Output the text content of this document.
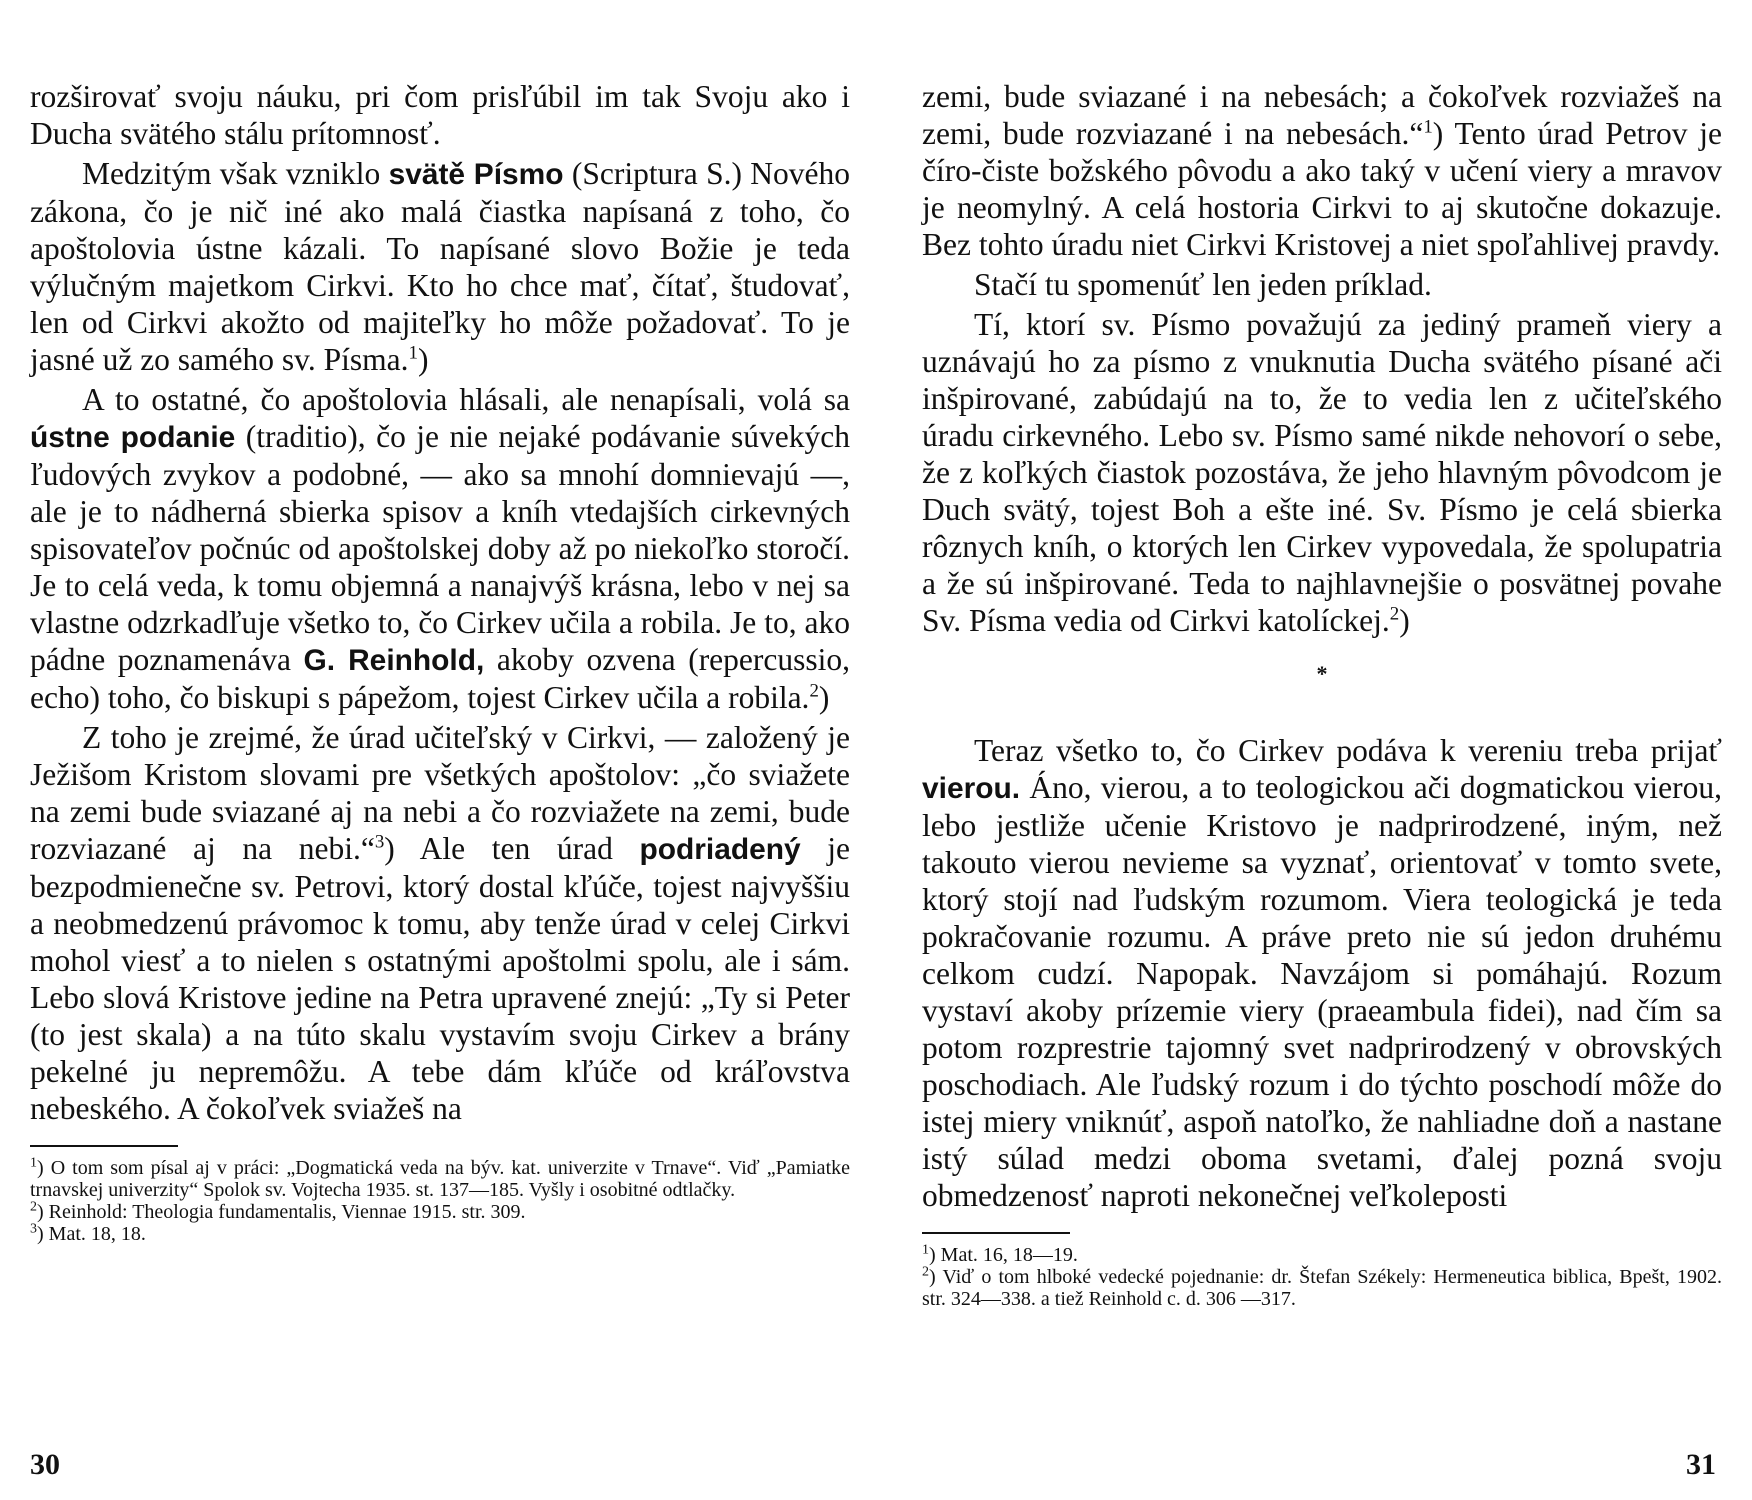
rozširovať svoju náuku, pri čom prisľúbil im tak Svoju ako i Ducha svätého stálu prítomnosť.

Medzitým však vzniklo svätě Písmo (Scriptura S.) Nového zákona, čo je nič iné ako malá čiastka napísaná z toho, čo apoštolovia ústne kázali. To napísané slovo Božie je teda výlučným majetkom Cirkvi. Kto ho chce mať, čítať, študovať, len od Cirkvi akožto od majiteľky ho môže požadovať. To je jasné už zo samého sv. Písma.$^1$)

A to ostatné, čo apoštolovia hlásali, ale nenapísali, volá sa ústne podanie (traditio), čo je nie nejaké podávanie súvekých ľudových zvykov a podobné, — ako sa mnohí domnievajú —, ale je to nádherná sbierka spisov a kníh vtedajších cirkevných spisovateľov počnúc od apoštolskej doby až po niekoľko storočí. Je to celá veda, k tomu objemná a nanajvýš krásna, lebo v nej sa vlastne odzrkadľuje všetko to, čo Cirkev učila a robila. Je to, ako pádne poznamenáva G. Reinhold, akoby ozvena (repercussio, echo) toho, čo biskupi s pápežom, tojest Cirkev učila a robila.$^2$)

Z toho je zrejmé, že úrad učiteľský v Cirkvi, — založený je Ježišom Kristom slovami pre všetkých apoštolov: „čo sviažete na zemi bude sviazané aj na nebi a čo rozviažete na zemi, bude rozviazané aj na nebi.“$^3$) Ale ten úrad podriadený je bezpodmienečne sv. Petrovi, ktorý dostal kľúče, tojest najvyššiu a neobmedzenú právomoc k tomu, aby tenže úrad v celej Cirkvi mohol viesť a to nielen s ostatnými apoštolmi spolu, ale i sám. Lebo slová Kristove jedine na Petra upravené znejú: „Ty si Peter (to jest skala) a na túto skalu vystavím svoju Cirkev a brány pekelné ju nepremôžu. A tebe dám kľúče od kráľovstva nebeského. A čokoľvek sviažeš na

$^1$) O tom som písal aj v práci: „Dogmatická veda na býv. kat. univerzite v Trnave“. Viď „Pamiatke trnavskej univerzity“ Spolok sv. Vojtecha 1935. st. 137—185. Vyšly i osobitné odtlačky.

$^2$) Reinhold: Theologia fundamentalis, Viennae 1915. str. 309.

$^3$) Mat. 18, 18.

30

zemi, bude sviazané i na nebesách; a čokoľvek rozviažeš na zemi, bude rozviazané i na nebesách.“$^1$) Tento úrad Petrov je číro-čiste božského pôvodu a ako taký v učení viery a mravov je neomylný. A celá hostoria Cirkvi to aj skutočne dokazuje. Bez tohto úradu niet Cirkvi Kristovej a niet spoľahlivej pravdy.

Stačí tu spomenúť len jeden príklad.

Tí, ktorí sv. Písmo považujú za jediný prameň viery a uznávajú ho za písmo z vnuknutia Ducha svätého písané ači inšpirované, zabúdajú na to, že to vedia len z učiteľského úradu cirkevného. Lebo sv. Písmo samé nikde nehovorí o sebe, že z koľkých čiastok pozostáva, že jeho hlavným pôvodcom je Duch svätý, tojest Boh a ešte iné. Sv. Písmo je celá sbierka rôznych kníh, o ktorých len Cirkev vypovedala, že spolupatria a že sú inšpirované. Teda to najhlavnejšie o posvätnej povahe Sv. Písma vedia od Cirkvi katolíckej.$^2$)

*

Teraz všetko to, čo Cirkev podáva k vereniu treba prijať vierou. Áno, vierou, a to teologickou ači dogmatickou vierou, lebo jestliže učenie Kristovo je nadprirodzené, iným, než takouto vierou nevieme sa vyznať, orientovať v tomto svete, ktorý stojí nad ľudským rozumom. Viera teologická je teda pokračovanie rozumu. A práve preto nie sú jedon druhému celkom cudzí. Napopak. Navzájom si pomáhajú. Rozum vystaví akoby prízemie viery (praeambula fidei), nad čím sa potom rozprestrie tajomný svet nadprirodzený v obrovských poschodiach. Ale ľudský rozum i do týchto poschodí môže do istej miery vniknúť, aspoň natoľko, že nahliadne doň a nastane istý súlad medzi oboma svetami, ďalej pozná svoju obmedzenosť naproti nekonečnej veľkoleposti

$^1$) Mat. 16, 18—19.

$^2$) Viď o tom hlboké vedecké pojednanie: dr. Štefan Székely: Hermeneutica biblica, Bpešt, 1902. str. 324—338. a tiež Reinhold c. d. 306 —317.

31
